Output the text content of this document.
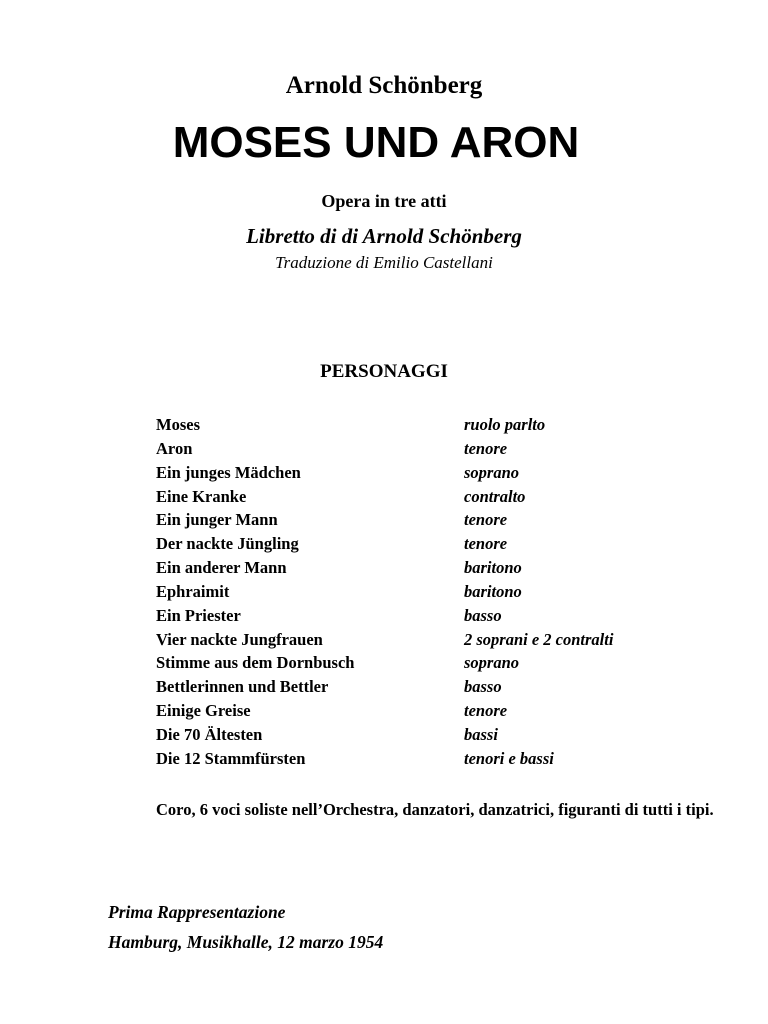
Arnold Schönberg
MOSES UND ARON
Opera in tre atti
Libretto di di Arnold Schönberg
Traduzione di Emilio Castellani
PERSONAGGI
Moses	ruolo parlto
Aron	tenore
Ein junges Mädchen	soprano
Eine Kranke	contralto
Ein junger Mann	tenore
Der nackte Jüngling	tenore
Ein anderer Mann	baritono
Ephraimit	baritono
Ein Priester	basso
Vier nackte Jungfrauen	2 soprani e 2 contralti
Stimme aus dem Dornbusch	soprano
Bettlerinnen und Bettler	basso
Einige Greise	tenore
Die 70 Ältesten	bassi
Die 12 Stammfürsten	tenori e bassi
Coro, 6 voci soliste nell’Orchestra, danzatori, danzatrici, figuranti di tutti i tipi.
Prima Rappresentazione
Hamburg, Musikhalle, 12 marzo 1954
